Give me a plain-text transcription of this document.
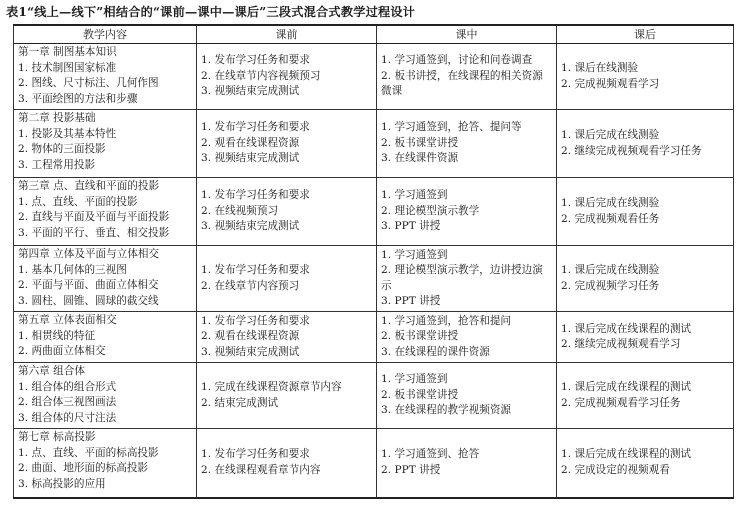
表1“线上—线下”相结合的“课前—课中—课后”三段式混合式教学过程设计
教学内容	课前	课中	课后

第一章 制图基本知识
1. 技术制图国家标准
2. 图线、尺寸标注、几何作图
3. 平面绘图的方法和步骤	1. 发布学习任务和要求
2. 在线章节内容视频预习
3. 视频结束完成测试	1. 学习通签到，讨论和问卷调查
2. 板书讲授，在线课程的相关资源微课	1. 课后在线测验
2. 完成视频观看学习

第二章 投影基础
1. 投影及其基本特性
2. 物体的三面投影
3. 工程常用投影	1. 发布学习任务和要求
2. 观看在线课程资源
3. 视频结束完成测试	1. 学习通签到，抢答、提问等
2. 板书课堂讲授
3. 在线课件资源	1. 课后完成在线测验
2. 继续完成视频观看学习任务

第三章 点、直线和平面的投影
1. 点、直线、平面的投影
2. 直线与平面及平面与平面投影
3. 平面的平行、垂直、相交投影	1. 发布学习任务和要求
2. 在线视频预习
3. 视频结束完成测试	1. 学习通签到
2. 理论模型演示教学
3. PPT 讲授	1. 课后完成在线测验
2. 完成视频观看任务

第四章 立体及平面与立体相交
1. 基本几何体的三视图
2. 平面与平面、曲面立体相交
3. 圆柱、圆锥、圆球的截交线	1. 发布学习任务和要求
2. 在线章节内容预习	1. 学习通签到
2. 理论模型演示教学，边讲授边演示
3. PPT 讲授	1. 课后完成在线测验
2. 完成视频学习任务

第五章 立体表面相交
1. 相贯线的特征
2. 两曲面立体相交	1. 发布学习任务和要求
2. 观看在线课程资源
3. 视频结束完成测试	1. 学习通签到，抢答和提问
2. 板书课堂讲授
3. 在线课程的课件资源	1. 课后完成在线课程的测试
2. 继续完成视频观看学习

第六章 组合体
1. 组合体的组合形式
2. 组合体三视图画法
3. 组合体的尺寸注法	1. 完成在线课程资源章节内容
2. 结束完成测试	1. 学习通签到
2. 板书课堂讲授
3. 在线课程的教学视频资源	1. 课后完成在线课程的测试
2. 完成视频观看学习任务

第七章 标高投影
1. 点、直线、平面的标高投影
2. 曲面、地形面的标高投影
3. 标高投影的应用	1. 发布学习任务和要求
2. 在线课程观看章节内容	1. 学习通签到、抢答
2. PPT 讲授	1. 课后完成在线课程的测试
2. 完成设定的视频观看
